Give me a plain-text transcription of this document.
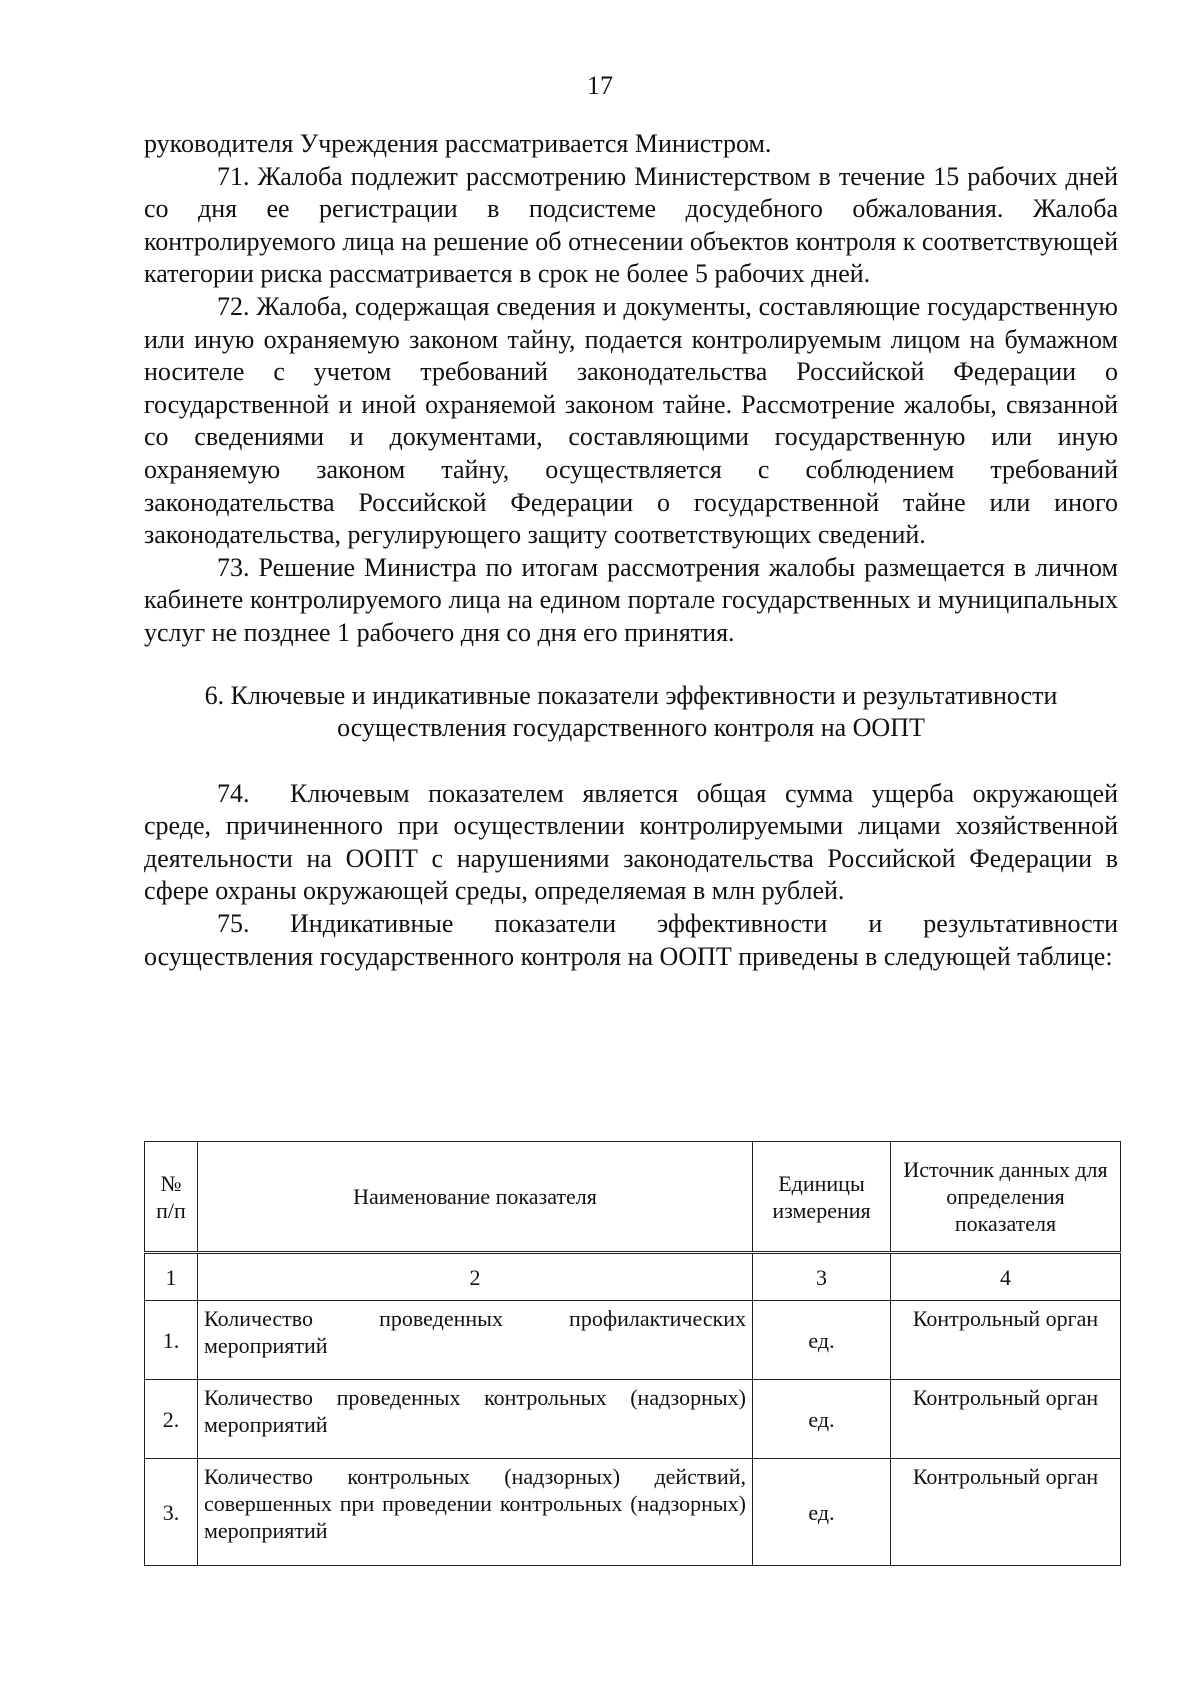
17

руководителя Учреждения рассматривается Министром.

71. Жалоба подлежит рассмотрению Министерством в течение 15 рабочих дней со дня ее регистрации в подсистеме досудебного обжалования. Жалоба контролируемого лица на решение об отнесении объектов контроля к соответствующей категории риска рассматривается в срок не более 5 рабочих дней.

72. Жалоба, содержащая сведения и документы, составляющие государственную или иную охраняемую законом тайну, подается контролируемым лицом на бумажном носителе с учетом требований законодательства Российской Федерации о государственной и иной охраняемой законом тайне. Рассмотрение жалобы, связанной со сведениями и документами, составляющими государственную или иную охраняемую законом тайну, осуществляется с соблюдением требований законодательства Российской Федерации о государственной тайне или иного законодательства, регулирующего защиту соответствующих сведений.

73. Решение Министра по итогам рассмотрения жалобы размещается в личном кабинете контролируемого лица на едином портале государственных и муниципальных услуг не позднее 1 рабочего дня со дня его принятия.

6. Ключевые и индикативные показатели эффективности и результативности
осуществления государственного контроля на ООПТ

74. Ключевым показателем является общая сумма ущерба окружающей среде, причиненного при осуществлении контролируемыми лицами хозяйственной деятельности на ООПТ с нарушениями законодательства Российской Федерации в сфере охраны окружающей среды, определяемая в млн рублей.

75. Индикативные показатели эффективности и результативности осуществления государственного контроля на ООПТ приведены в следующей таблице:

№ п/п	Наименование показателя	Единицы измерения	Источник данных для определения показателя
1	2	3	4
1.	Количество проведенных профилактических мероприятий	ед.	Контрольный орган
2.	Количество проведенных контрольных (надзорных) мероприятий	ед.	Контрольный орган
3.	Количество контрольных (надзорных) действий, совершенных при проведении контрольных (надзорных) мероприятий	ед.	Контрольный орган
